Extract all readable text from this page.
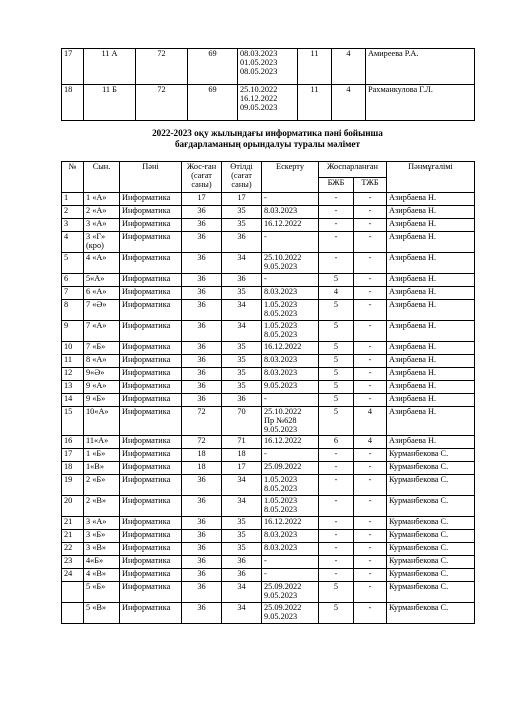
17	11 А	72	69	08.03.2023
01.05.2023
08.05.2023	11	4	Амиреева Р.А.
18	11 Б	72	69	25.10.2022
16.12.2022
09.05.2023	11	4	Рахманкулова Г.Л.
2022-2023 оқу жылындағы информатика пәні бойынша
бағдарламаның орындалуы туралы мәлімет
№	Сын.	Пәні	Жос-ған (сағат саны)	Өтілді (сағат саны)	Ескерту	Жоспарланған		Пәнмұғалімі
						БЖБ	ТЖБ	
1	1 «А»	Информатика	17	17	-	-	-	Азирбаева Н.
2	2 «А»	Информатика	36	35	8.03.2023	-	-	Азирбаева Н.
3	3 «А»	Информатика	36	35	16.12.2022	-	-	Азирбаева Н.
4	3 «Г»
(кро)	Информатика	36	36	-	-	-	Азирбаева Н.
5	4 «А»	Информатика	36	34	25.10.2022
9.05.2023	-	-	Азирбаева Н.
6	5«А»	Информатика	36	36	-	5	-	Азирбаева Н.
7	6 «А»	Информатика	36	35	8.03.2023	4	-	Азирбаева Н.
8	7 «Ә»	Информатика	36	34	1.05.2023
8.05.2023	5	-	Азирбаева Н.
9	7 «А»	Информатика	36	34	1.05.2023
8.05.2023	5	-	Азирбаева Н.
10	7 «Б»	Информатика	36	35	16.12.2022	5	-	Азирбаева Н.
11	8 «А»	Информатика	36	35	8.03.2023	5	-	Азирбаева Н.
12	9«Ә»	Информатика	36	35	8.03.2023	5	-	Азирбаева Н.
13	9 «А»	Информатика	36	35	9.05.2023	5	-	Азирбаева Н.
14	9 «Б»	Информатика	36	36	-	5	-	Азирбаева Н.
15	10«А»	Информатика	72	70	25.10.2022
Пр №628
9.05.2023	5	4	Азирбаева Н.
16	11«А»	Информатика	72	71	16.12.2022	6	4	Азирбаева Н.
17	1 «Б»	Информатика	18	18	-	-	-	Курманбекова С.
18	1«В»	Информатика	18	17	25.09.2022	-	-	Курманбекова С.
19	2 «Б»	Информатика	36	34	1.05.2023
8.05.2023	-	-	Курманбекова С.
20	2 «В»	Информатика	36	34	1.05.2023
8.05.2023	-	-	Курманбекова С.
21	3 «А»	Информатика	36	35	16.12.2022	-	-	Курманбекова С.
21	3 «Б»	Информатика	36	35	8.03.2023	-	-	Курманбекова С.
22	3 «В»	Информатика	36	35	8.03.2023	-	-	Курманбекова С.
23	4«Б»	Информатика	36	36	-	-	-	Курманбекова С.
24	4 «В»	Информатика	36	36	-	-	-	Курманбекова С.
	5 «Б»	Информатика	36	34	25.09.2022
9.05.2023	5	-	Курманбекова С.
	5 «В»	Информатика	36	34	25.09.2022
9.05.2023	5	-	Курманбекова С.
